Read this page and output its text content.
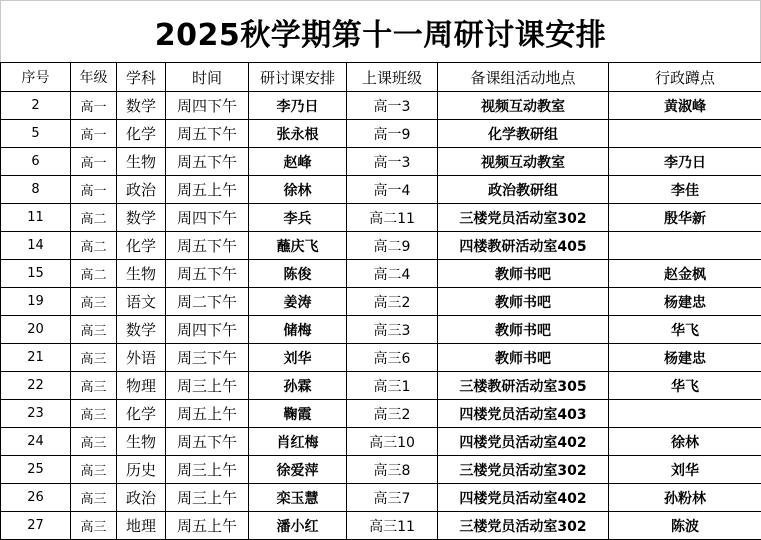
2025秋学期第十一周研讨课安排
序号	年级	学科	时间	研讨课安排	上课班级	备课组活动地点	行政蹲点
2	高一	数学	周四下午	李乃日	高一3	视频互动教室	黄淑峰
5	高一	化学	周五下午	张永根	高一9	化学教研组	
6	高一	生物	周五下午	赵峰	高一3	视频互动教室	李乃日
8	高一	政治	周五上午	徐林	高一4	政治教研组	李佳
11	高二	数学	周四下午	李兵	高二11	三楼党员活动室302	殷华新
14	高二	化学	周五下午	蘸庆飞	高二9	四楼教研活动室405	
15	高二	生物	周五下午	陈俊	高二4	教师书吧	赵金枫
19	高三	语文	周二下午	姜涛	高三2	教师书吧	杨建忠
20	高三	数学	周四下午	储梅	高三3	教师书吧	华飞
21	高三	外语	周三下午	刘华	高三6	教师书吧	杨建忠
22	高三	物理	周三上午	孙霖	高三1	三楼教研活动室305	华飞
23	高三	化学	周五上午	鞠霞	高三2	四楼党员活动室403	
24	高三	生物	周五下午	肖红梅	高三10	四楼党员活动室402	徐林
25	高三	历史	周三上午	徐爱萍	高三8	三楼党员活动室302	刘华
26	高三	政治	周三上午	栾玉慧	高三7	四楼党员活动室402	孙粉林
27	高三	地理	周五上午	潘小红	高三11	三楼党员活动室302	陈波
